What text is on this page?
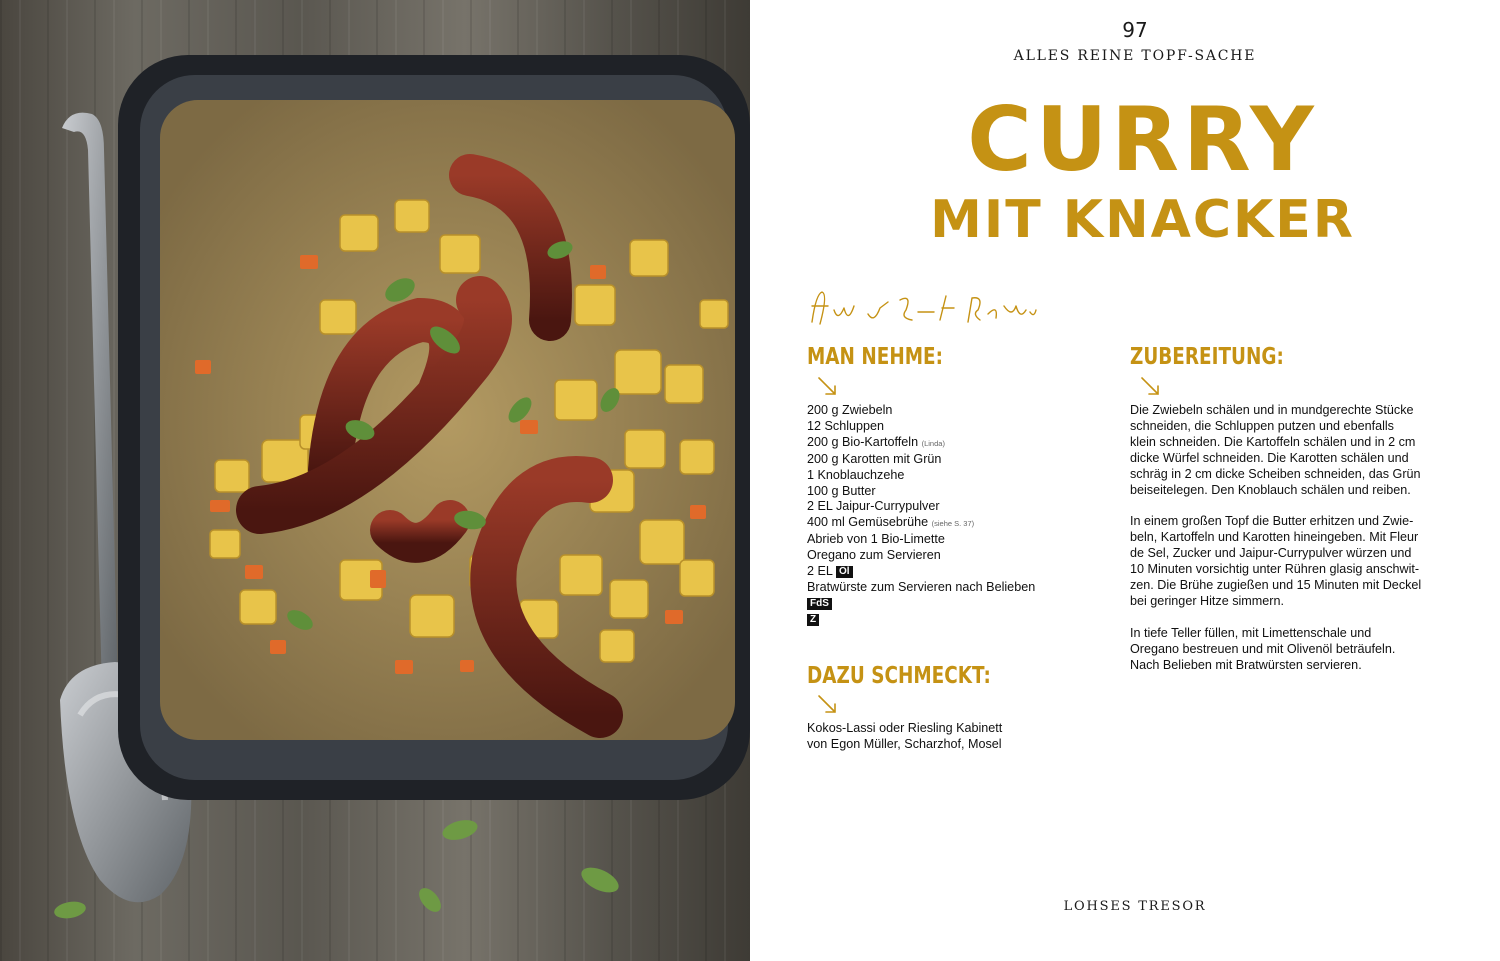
97
ALLES REINE TOPF-SACHE
CURRY
MIT KNACKER
MAN NEHME:
200 g Zwiebeln
12 Schluppen
200 g Bio-Kartoffeln (Linda)
200 g Karotten mit Grün
1 Knoblauchzehe
100 g Butter
2 EL Jaipur-Currypulver
400 ml Gemüsebrühe (siehe S. 37)
Abrieb von 1 Bio-Limette
Oregano zum Servieren
2 EL Öl
Bratwürste zum Servieren nach Belieben
FdS
Z
DAZU SCHMECKT:
Kokos-Lassi oder Riesling Kabinett
von Egon Müller, Scharzhof, Mosel
ZUBEREITUNG:

Die Zwiebeln schälen und in mundgerechte Stücke
schneiden, die Schluppen putzen und ebenfalls
klein schneiden. Die Kartoffeln schälen und in 2 cm
dicke Würfel schneiden. Die Karotten schälen und
schräg in 2 cm dicke Scheiben schneiden, das Grün
beiseitelegen. Den Knoblauch schälen und reiben.

In einem großen Topf die Butter erhitzen und Zwie-
beln, Kartoffeln und Karotten hineingeben. Mit Fleur
de Sel, Zucker und Jaipur-Currypulver würzen und
10 Minuten vorsichtig unter Rühren glasig anschwit-
zen. Die Brühe zugießen und 15 Minuten mit Deckel
bei geringer Hitze simmern.

In tiefe Teller füllen, mit Limettenschale und
Oregano bestreuen und mit Olivenöl beträufeln.
Nach Belieben mit Bratwürsten servieren.

LOHSES TRESOR
